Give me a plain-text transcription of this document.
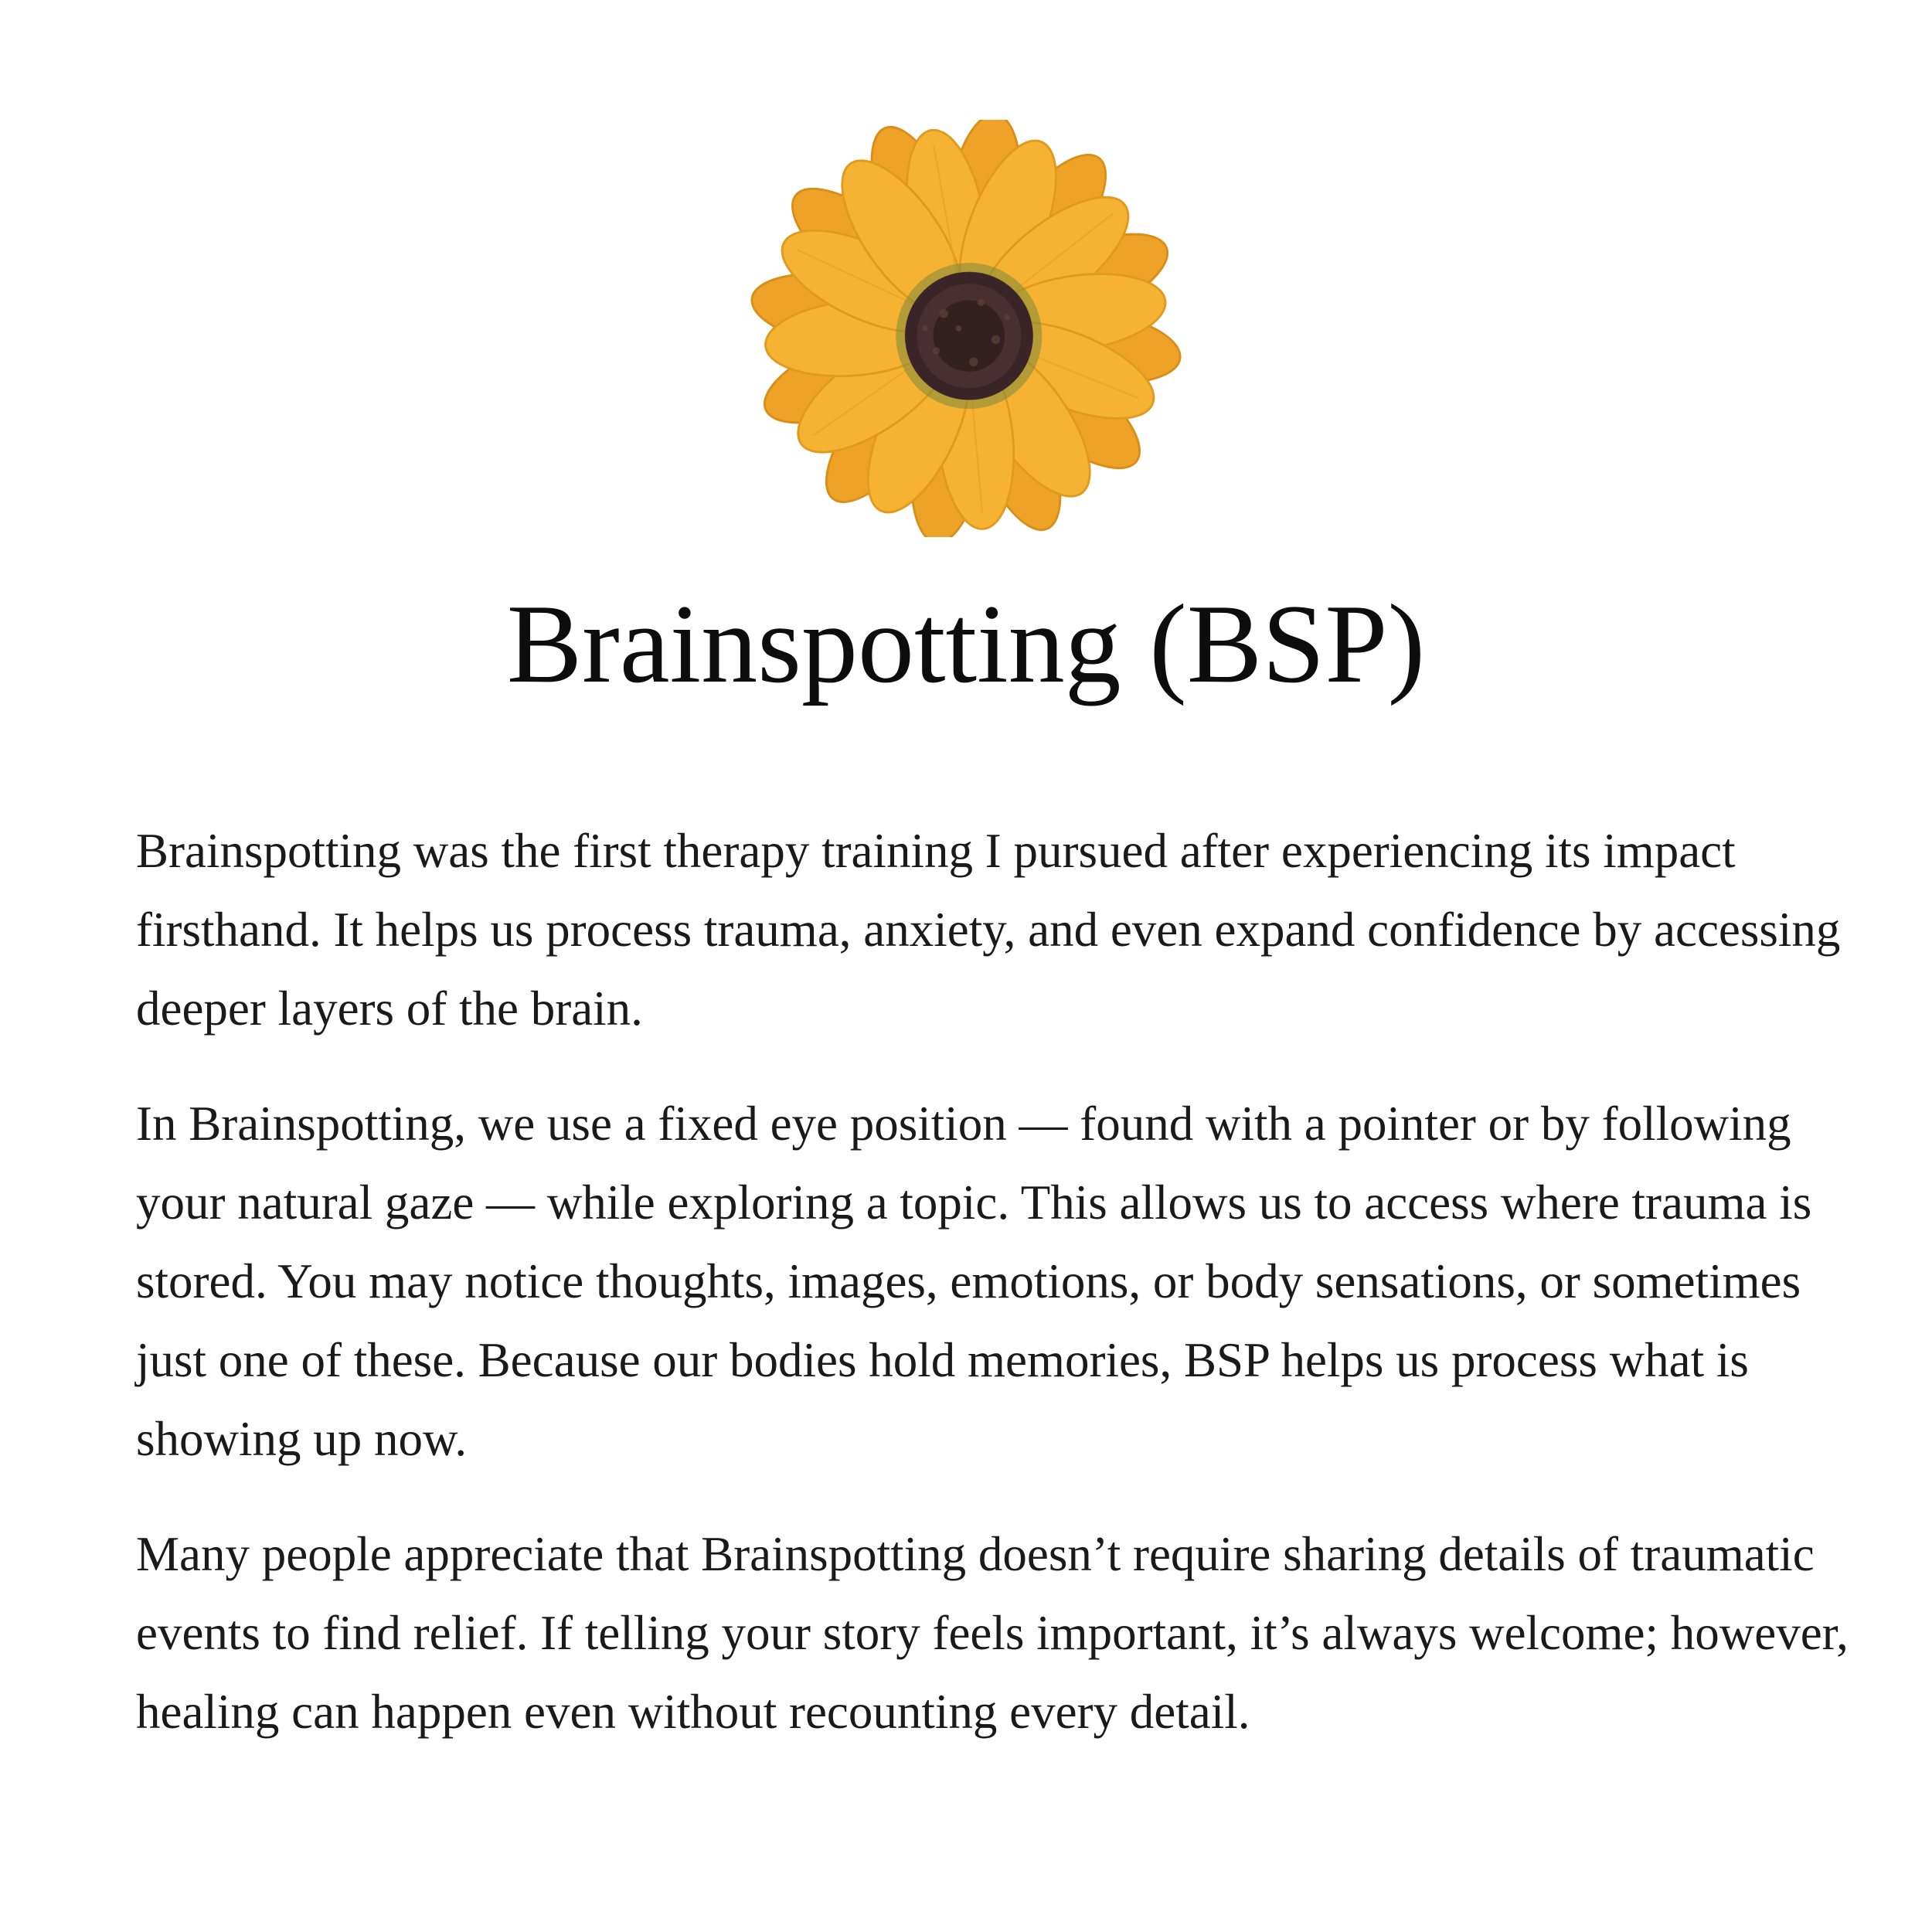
Brainspotting (BSP)

Brainspotting was the first therapy training I pursued after experiencing its impact firsthand. It helps us process trauma, anxiety, and even expand confidence by accessing deeper layers of the brain.

In Brainspotting, we use a fixed eye position — found with a pointer or by following your natural gaze — while exploring a topic. This allows us to access where trauma is stored. You may notice thoughts, images, emotions, or body sensations, or sometimes just one of these. Because our bodies hold memories, BSP helps us process what is showing up now.

Many people appreciate that Brainspotting doesn’t require sharing details of traumatic events to find relief. If telling your story feels important, it’s always welcome; however, healing can happen even without recounting every detail.
